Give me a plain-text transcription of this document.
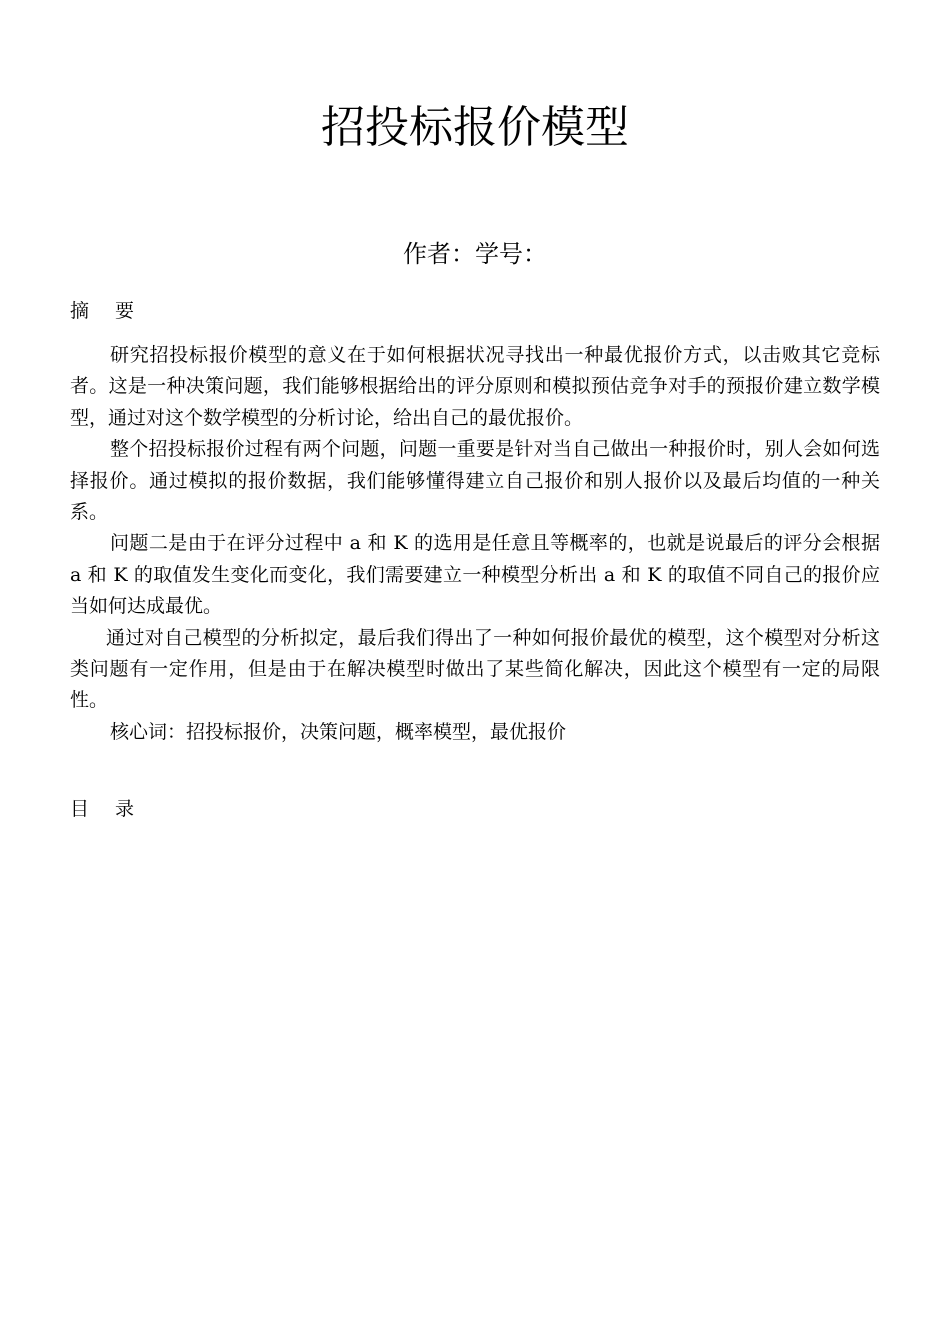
招投标报价模型
作者：学号：
摘 要

研究招投标报价模型的意义在于如何根据状况寻找出一种最优报价方式，以击败其它竞标者。这是一种决策问题，我们能够根据给出的评分原则和模拟预估竞争对手的预报价建立数学模型，通过对这个数学模型的分析讨论，给出自己的最优报价。

整个招投标报价过程有两个问题，问题一重要是针对当自己做出一种报价时，别人会如何选择报价。通过模拟的报价数据，我们能够懂得建立自己报价和别人报价以及最后均值的一种关系。

问题二是由于在评分过程中 a 和 K 的选用是任意且等概率的，也就是说最后的评分会根据 a 和 K 的取值发生变化而变化，我们需要建立一种模型分析出 a 和 K 的取值不同自己的报价应当如何达成最优。

通过对自己模型的分析拟定，最后我们得出了一种如何报价最优的模型，这个模型对分析这类问题有一定作用，但是由于在解决模型时做出了某些简化解决，因此这个模型有一定的局限性。

核心词：招投标报价，决策问题，概率模型，最优报价

目 录
